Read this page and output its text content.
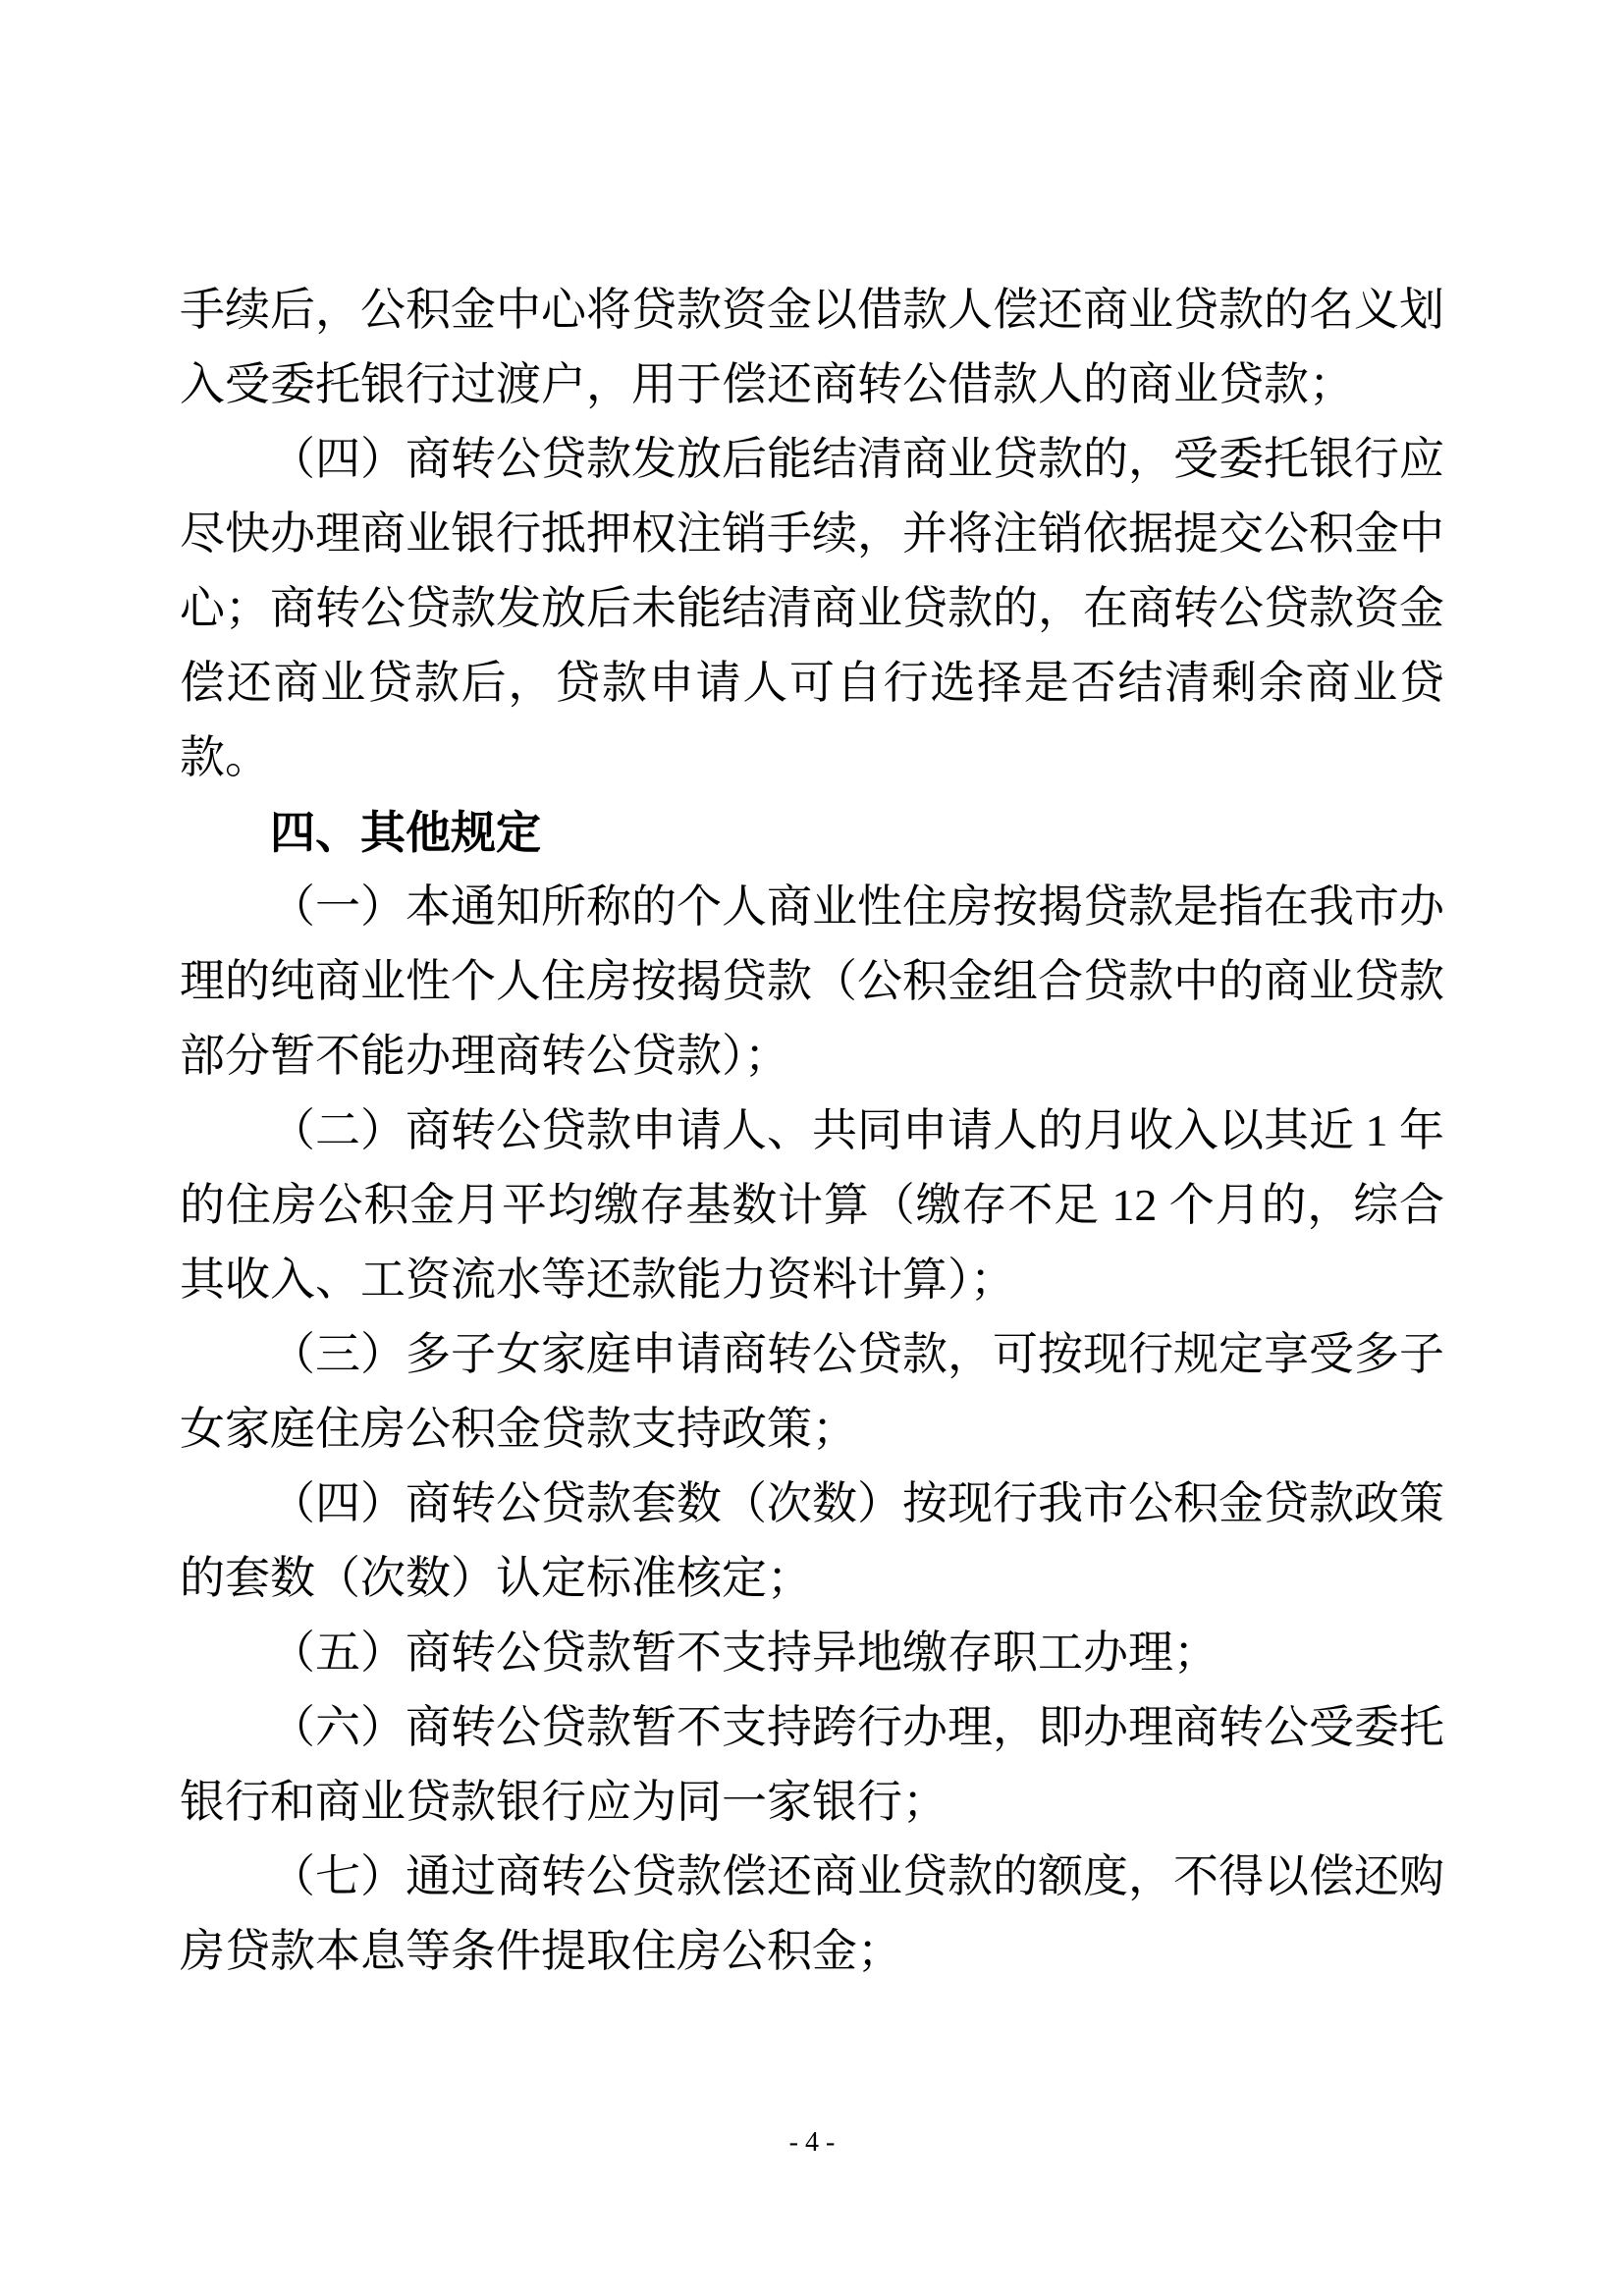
手续后，公积金中心将贷款资金以借款人偿还商业贷款的名义划入受委托银行过渡户，用于偿还商转公借款人的商业贷款；

（四）商转公贷款发放后能结清商业贷款的，受委托银行应尽快办理商业银行抵押权注销手续，并将注销依据提交公积金中心；商转公贷款发放后未能结清商业贷款的，在商转公贷款资金偿还商业贷款后，贷款申请人可自行选择是否结清剩余商业贷款。

四、其他规定

（一）本通知所称的个人商业性住房按揭贷款是指在我市办理的纯商业性个人住房按揭贷款（公积金组合贷款中的商业贷款部分暂不能办理商转公贷款）；

（二）商转公贷款申请人、共同申请人的月收入以其近 1 年的住房公积金月平均缴存基数计算（缴存不足 12 个月的，综合其收入、工资流水等还款能力资料计算）；

（三）多子女家庭申请商转公贷款，可按现行规定享受多子女家庭住房公积金贷款支持政策；

（四）商转公贷款套数（次数）按现行我市公积金贷款政策的套数（次数）认定标准核定；

（五）商转公贷款暂不支持异地缴存职工办理；

（六）商转公贷款暂不支持跨行办理，即办理商转公受委托银行和商业贷款银行应为同一家银行；

（七）通过商转公贷款偿还商业贷款的额度，不得以偿还购房贷款本息等条件提取住房公积金；

- 4 -
